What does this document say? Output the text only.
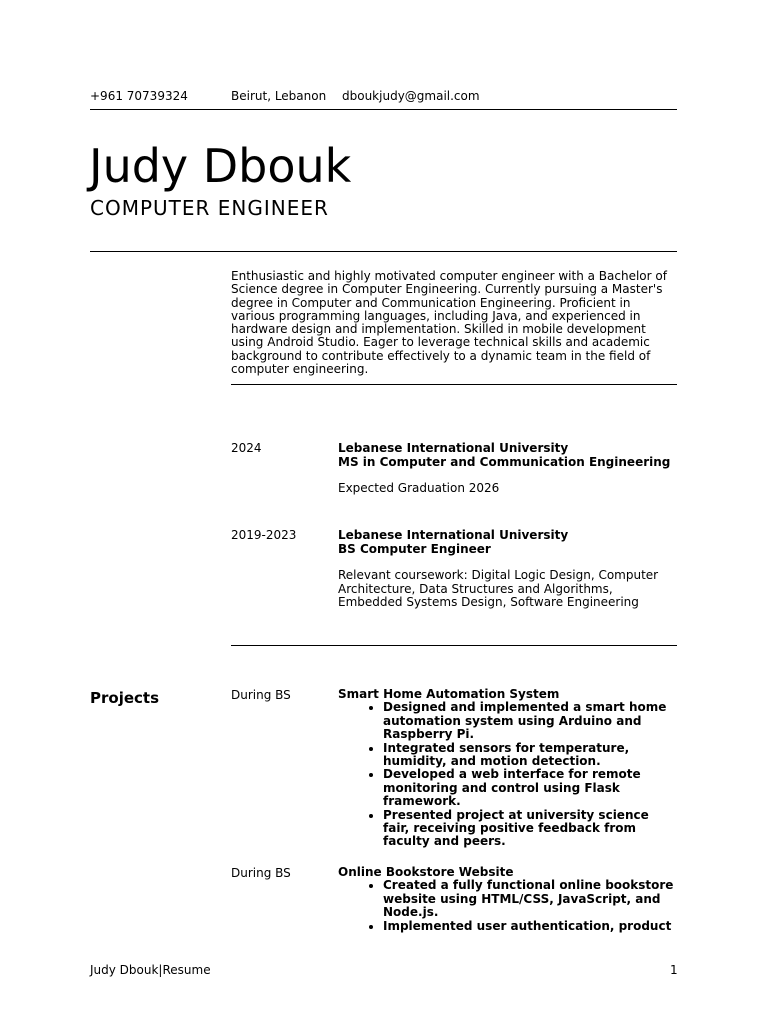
+961 70739324	Beirut, Lebanon dboukjudy@gmail.com
Judy Dbouk
COMPUTER ENGINEER
Enthusiastic and highly motivated computer engineer with a Bachelor of Science degree in Computer Engineering. Currently pursuing a Master's degree in Computer and Communication Engineering. Proficient in various programming languages, including Java, and experienced in hardware design and implementation. Skilled in mobile development using Android Studio. Eager to leverage technical skills and academic background to contribute effectively to a dynamic team in the field of computer engineering.
2024	Lebanese International University
MS in Computer and Communication Engineering
Expected Graduation 2026
2019-2023	Lebanese International University
BS Computer Engineer
Relevant coursework: Digital Logic Design, Computer Architecture, Data Structures and Algorithms, Embedded Systems Design, Software Engineering
Projects	During BS	Smart Home Automation System
• Designed and implemented a smart home automation system using Arduino and Raspberry Pi.
• Integrated sensors for temperature, humidity, and motion detection.
• Developed a web interface for remote monitoring and control using Flask framework.
• Presented project at university science fair, receiving positive feedback from faculty and peers.
During BS	Online Bookstore Website
• Created a fully functional online bookstore website using HTML/CSS, JavaScript, and Node.js.
• Implemented user authentication, product
Judy Dbouk|Resume	1
